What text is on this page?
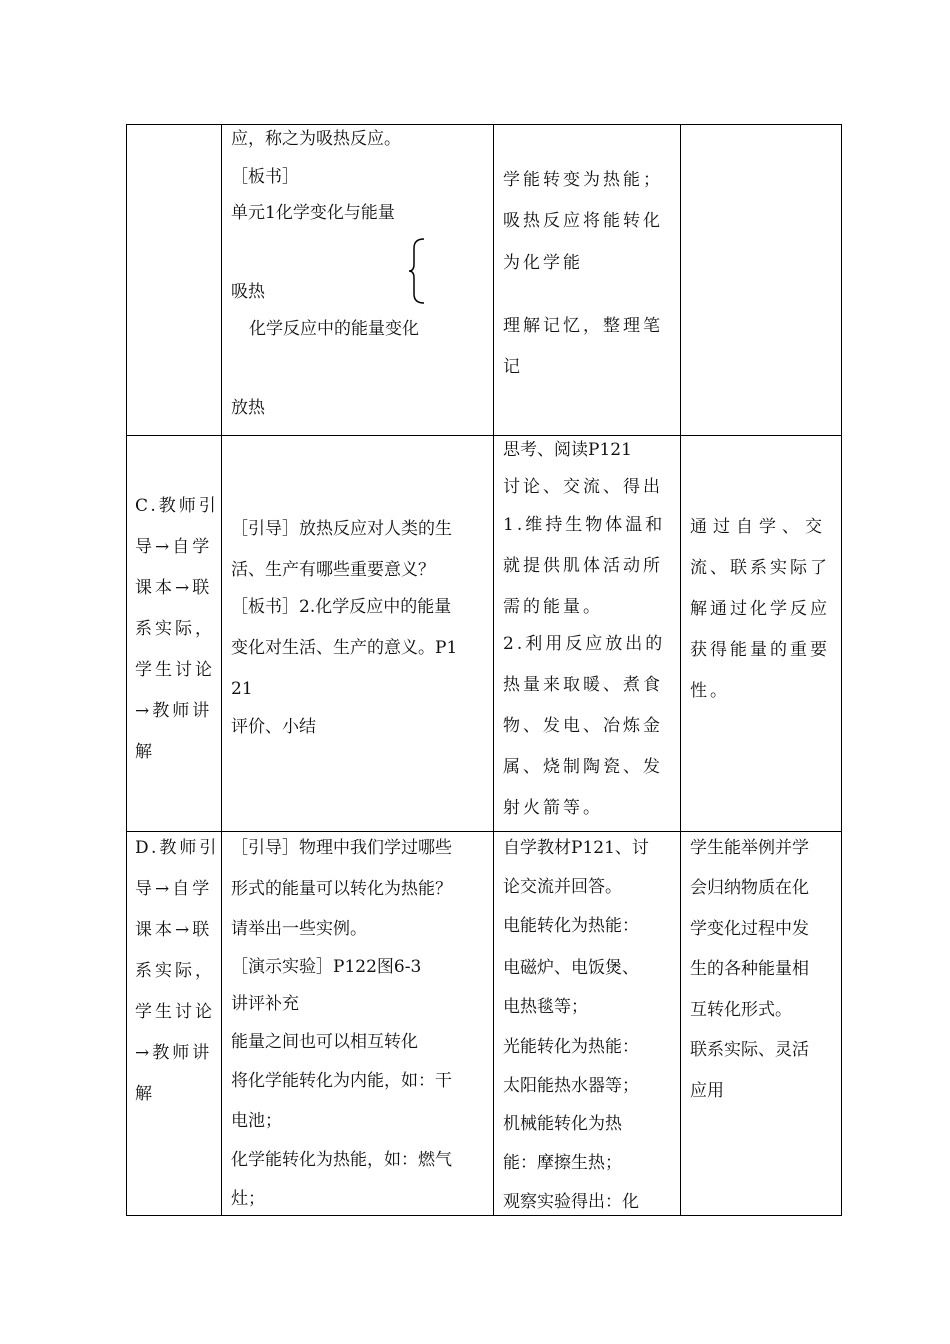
应，称之为吸热反应。
［板书］
单元1化学变化与能量
吸热
化学反应中的能量变化
放热
学能转变为热能；
吸热反应将能转化
为化学能
理解记忆，整理笔
记
C.教师引
导→自学
课本→联
系实际，
学生讨论
→教师讲
解
［引导］放热反应对人类的生
活、生产有哪些重要意义？
［板书］2.化学反应中的能量
变化对生活、生产的意义。P1
21
评价、小结
思考、阅读P121
讨论、交流、得出
1.维持生物体温和
就提供肌体活动所
需的能量。
2.利用反应放出的
热量来取暖、煮食
物、发电、冶炼金
属、烧制陶瓷、发
射火箭等。
通过自学、交
流、联系实际了
解通过化学反应
获得能量的重要
性。
D.教师引
导→自学
课本→联
系实际，
学生讨论
→教师讲
解
［引导］物理中我们学过哪些
形式的能量可以转化为热能？
请举出一些实例。
［演示实验］P122图6-3
讲评补充
能量之间也可以相互转化
将化学能转化为内能，如：干
电池；
化学能转化为热能，如：燃气
灶；
自学教材P121、讨
论交流并回答。
电能转化为热能：
电磁炉、电饭煲、
电热毯等；
光能转化为热能：
太阳能热水器等；
机械能转化为热
能：摩擦生热；
观察实验得出：化
学生能举例并学
会归纳物质在化
学变化过程中发
生的各种能量相
互转化形式。
联系实际、灵活
应用
